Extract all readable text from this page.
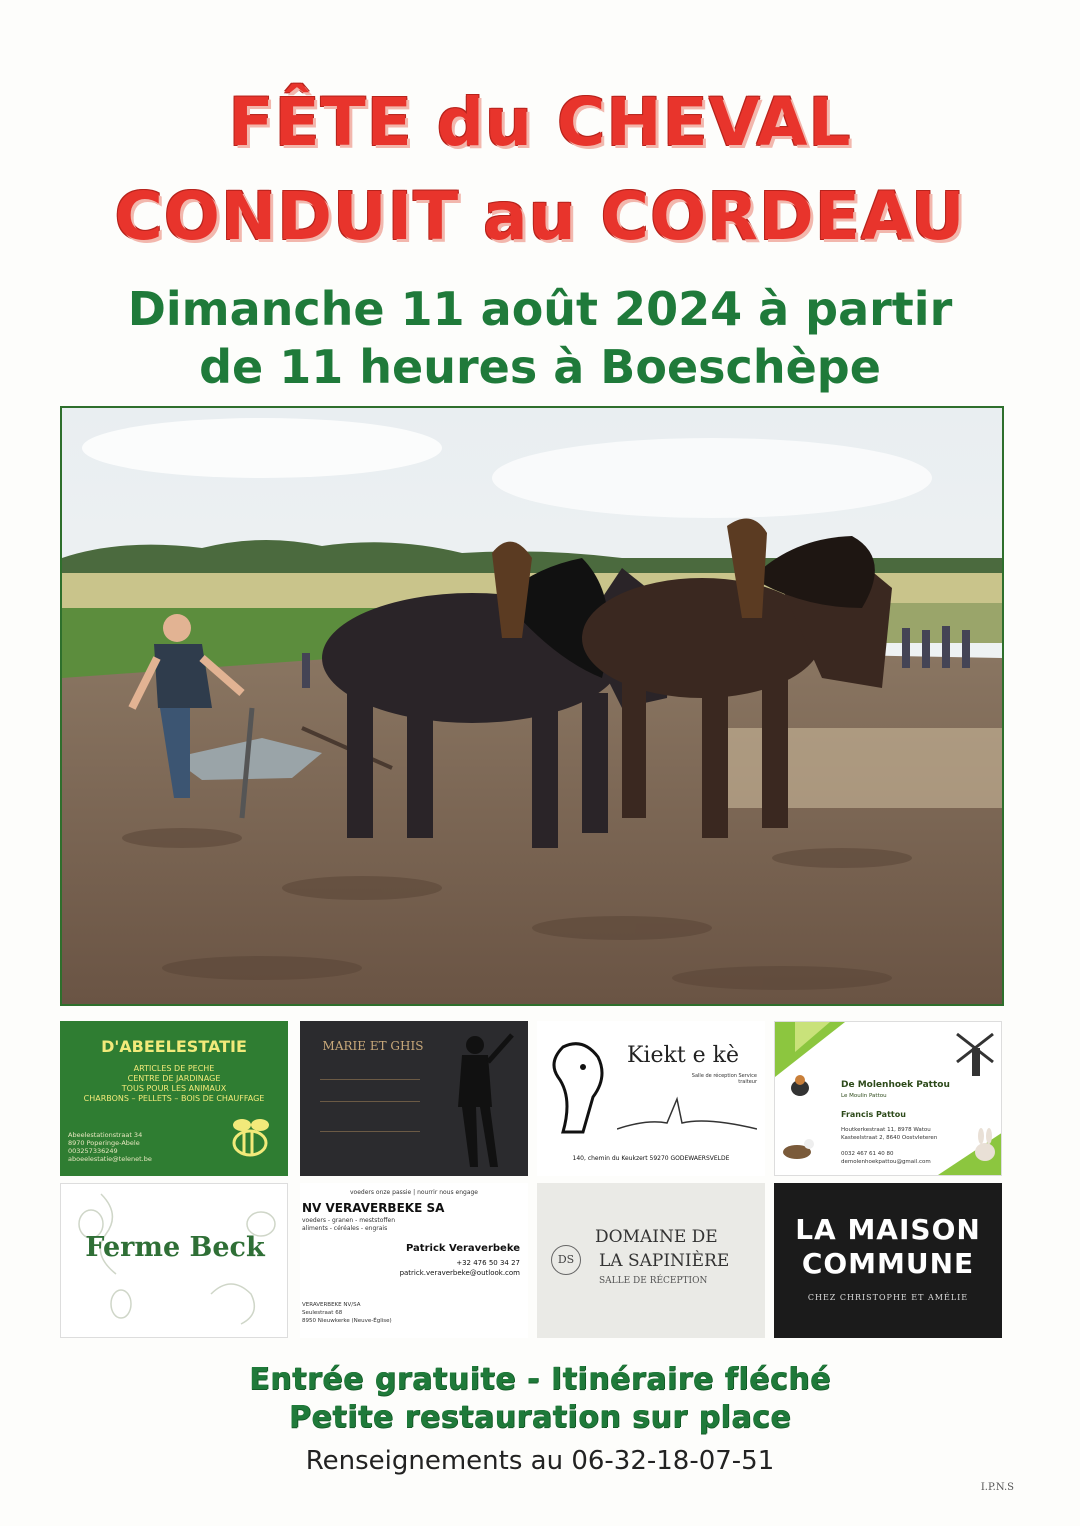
FÊTE du CHEVAL
CONDUIT au CORDEAU
Dimanche 11 août 2024 à partir
de 11 heures à Boeschèpe
D'ABEELESTATIE
ARTICLES DE PECHE
CENTRE DE JARDINAGE
TOUS POUR LES ANIMAUX
CHARBONS – PELLETS – BOIS DE CHAUFFAGE
Abeelestationstraat 34
8970 Poperinge-Abele
003257336249
aboeelestatie@telenet.be
MARIE ET GHIS	Kiekt e kè
Salle de réception Service traiteur
140, chemin du Keukzert 59270 GODEWAERSVELDE
De Molenhoek Pattou
Le Moulin Pattou
Francis Pattou
Houtkerkestraat 11, 8978 Watou
Kasteelstraat 2, 8640 Oostvleteren
0032 467 61 40 80
demolenhoekpattou@gmail.com
Ferme Beck
voeders onze passie | nourrir nous engage
NV VERAVERBEKE SA
voeders - granen - meststoffen
aliments - céréales - engrais
Patrick Veraverbeke
+32 476 50 34 27
patrick.veraverbeke@outlook.com
VERAVERBEKE NV/SA
Seulestraat 68
8950 Nieuwkerke (Neuve-Église)
DS
DOMAINE DE
LA SAPINIÈRE
SALLE DE RÉCEPTION
LA MAISON
COMMUNE
CHEZ CHRISTOPHE ET AMÉLIE
Entrée gratuite - Itinéraire fléché
Petite restauration sur place
Renseignements au 06-32-18-07-51
I.P.N.S
